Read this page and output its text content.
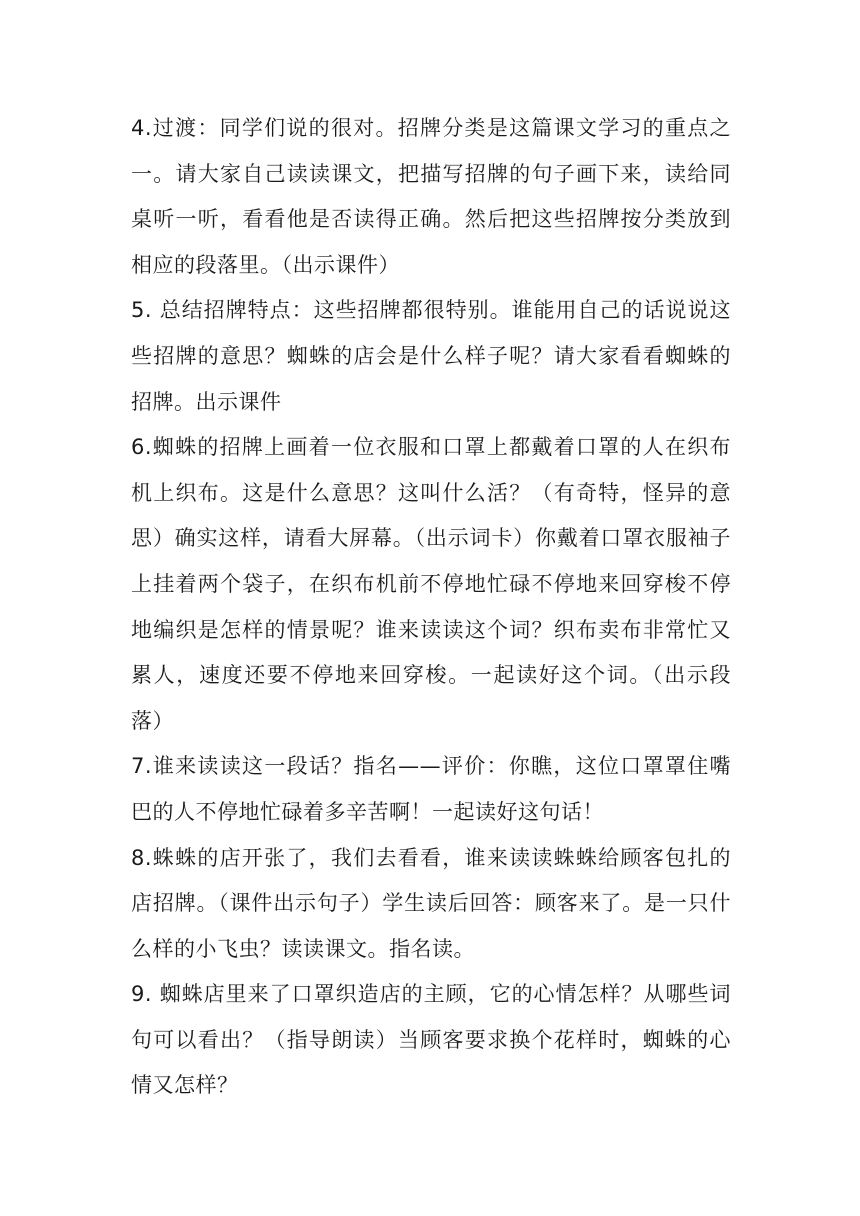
4.过渡：同学们说的很对。招牌分类是这篇课文学习的重点之一。请大家自己读读课文，把描写招牌的句子画下来，读给同桌听一听，看看他是否读得正确。然后把这些招牌按分类放到相应的段落里。（出示课件）

5. 总结招牌特点：这些招牌都很特别。谁能用自己的话说说这些招牌的意思？蜘蛛的店会是什么样子呢？请大家看看蜘蛛的招牌。出示课件

6.蜘蛛的招牌上画着一位衣服和口罩上都戴着口罩的人在织布机上织布。这是什么意思？这叫什么活？（有奇特，怪异的意思）确实这样，请看大屏幕。（出示词卡）你戴着口罩衣服袖子上挂着两个袋子，在织布机前不停地忙碌不停地来回穿梭不停地编织是怎样的情景呢？谁来读读这个词？织布卖布非常忙又累人，速度还要不停地来回穿梭。一起读好这个词。（出示段落）

7.谁来读读这一段话？指名——评价：你瞧，这位口罩罩住嘴巴的人不停地忙碌着多辛苦啊！一起读好这句话！

8.蛛蛛的店开张了，我们去看看，谁来读读蛛蛛给顾客包扎的店招牌。（课件出示句子）学生读后回答：顾客来了。是一只什么样的小飞虫？读读课文。指名读。

9. 蜘蛛店里来了口罩织造店的主顾，它的心情怎样？从哪些词句可以看出？（指导朗读）当顾客要求换个花样时，蜘蛛的心情又怎样？
